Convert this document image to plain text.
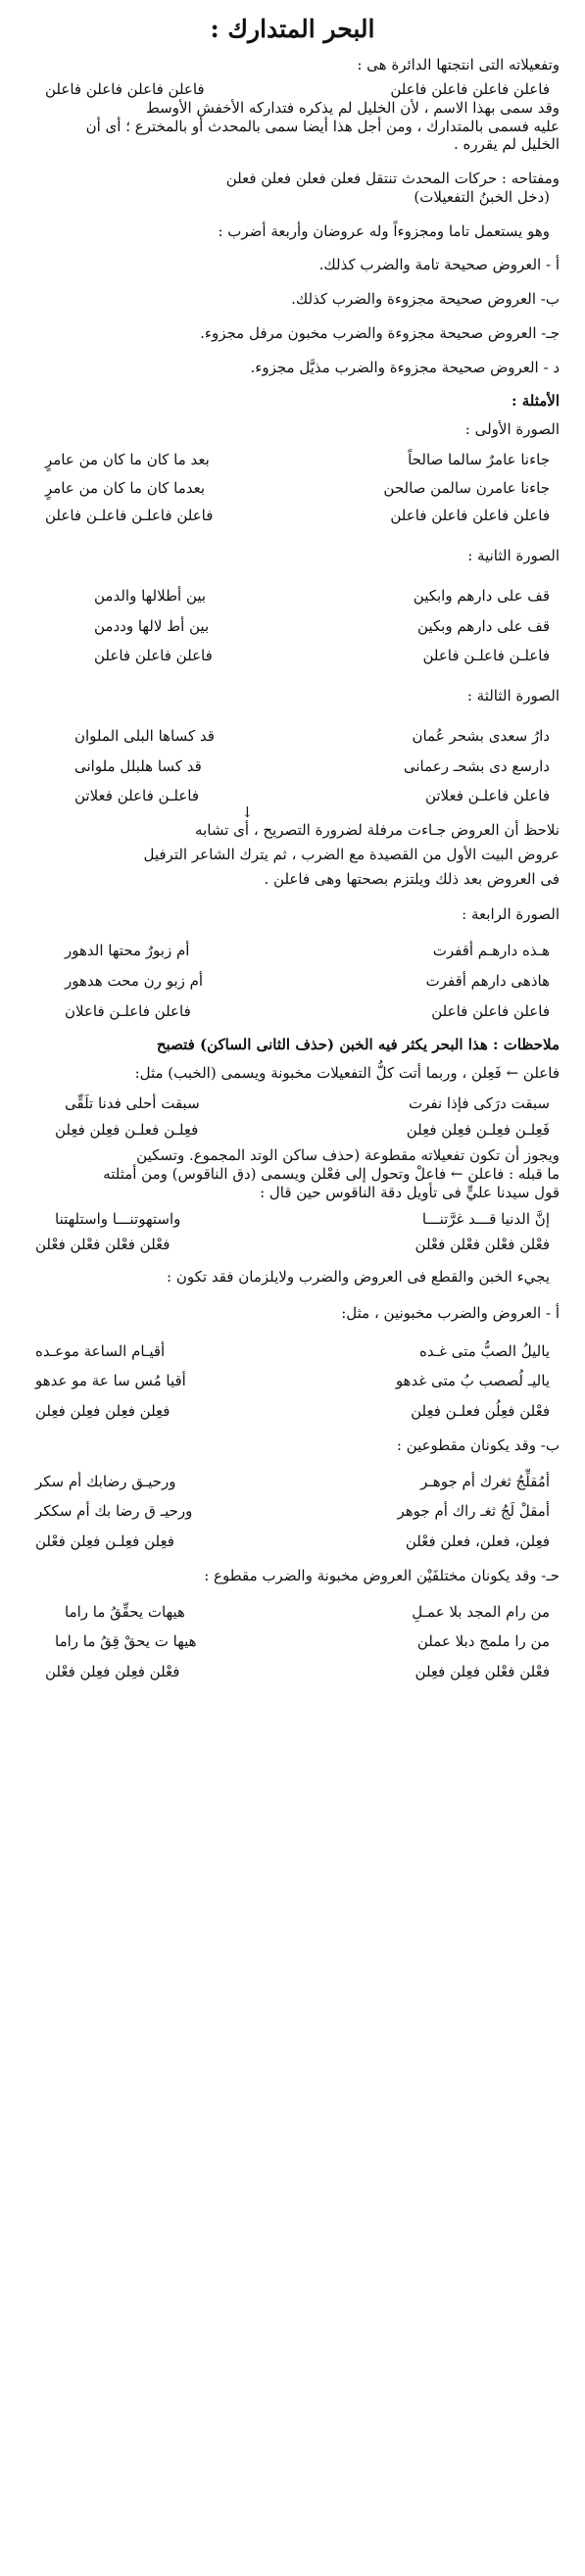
البحر المتدارك :

وتفعيلاته التى انتجتها الدائرة هى :

فاعلن فاعلن فاعلن فاعلن
فاعلن فاعلن فاعلن فاعلن

وقد سمى بهذا الاسم ، لأن الخليل لم يذكره فتداركه الأخفش الأوسط

عليه فسمى بالمتدارك ، ومن أجل هذا أيضا سمى بالمحدث أو بالمخترع ؛ أى أن

الخليل لم يقرره .

ومفتاحه : حركات المحدث تنتقل فعلن فعلن فعلن فعلن

(دخل الخبنُ التفعيلات)

وهو يستعمل تاما ومجزوءاً وله عروضان وأربعة أضرب :

أ - العروض صحيحة تامة والضرب كذلك.

ب- العروض صحيحة مجزوءة والضرب كذلك.

جـ- العروض صحيحة مجزوءة والضرب مخبون مرفل مجزوء.

د - العروض صحيحة مجزوءة والضرب مذيَّل مجزوء.

الأمثلة :

الصورة الأولى :

جاءنا عامرٌ سالما صالحاً
بعد ما كان ما كان من عامرٍ
جاءنا عامرن سالمن صالحن
بعدما كان ما كان من عامرٍ
فاعلن فاعلن فاعلن فاعلن
فاعلن فاعلـن فاعلـن فاعلن

الصورة الثانية :

قف على دارهم وابكين
بين أطلالها والدمن
قف على دارهم وبكين
بين أط لالها وددمن
فاعلـن فاعلـن فاعلن
فاعلن فاعلن فاعلن

الصورة الثالثة :

دارُ سعدى بشحر عُمان
قد كساها البلى الملوان
دارسع دى بشحـ رعمانى
قد كسا هلبلل ملوانى
فاعلن فاعلـن فعلاتن
فاعلـن فاعلن فعلاتن
↓

نلاحظ أن العروض جـاءت مرفلة لضرورة التصريح ، أى تشابه

عروض البيت الأول من القصيدة مع الضرب ، ثم يترك الشاعر الترفيل

فى العروض بعد ذلك ويلتزم بصحتها وهى فاعلن .

الصورة الرابعة :

هـذه دارهـم أقفرت
أم زبورٌ محتها الدهور
هاذهى دارهم أقفرت
أم زبو رن محت هدهور
فاعلن فاعلن فاعلن
فاعلن فاعلـن فاعلان

ملاحظات : هذا البحر يكثر فيه الخبن (حذف الثانى الساكن) فتصبح

فاعلن ← فَعِلن ، وربما أتت كلُّ التفعيلات مخبونة ويسمى (الخبب) مثل:

سبقت درَكى فإذا نفرت
سبقت أحلى فدنا تلَقِّى
فَعِلـن فعِلـن فعِلن فعِلن
فعِلـن فعلـن فعِلن فعِلن

ويجوز أن تكون تفعيلاته مقطوعة (حذف ساكن الوتد المجموع. وتسكين

ما قبله : فاعلن ← فاعلْ وتحول إلى فعْلن ويسمى (دق الناقوس) ومن أمثلته

قول سيدنا عليٍّ فى تأويل دقة الناقوس حين قال :

إنَّ الدنيا قـــد غرَّتنـــا
واستهوتنـــا واستلهتنا
فعْلن فعْلن فعْلن فعْلن
فعْلن فعْلن فعْلن فعْلن

يجيء الخبن والقطع فى العروض والضرب ولايلزمان فقد تكون :

أ - العروض والضرب مخبونين ، مثل:

ياليلُ الصبُّ متى غـده
أقيـام الساعة موعـده
ياليـ لُصصب بُ متى غدهو
أقيا مُس سا عة مو عدهو
فعْلن فعِلُن فعلـن فعِلن
فعِلن فعِلن فعِلن فعِلن

ب- وقد يكونان مقطوعين :

أمُقلِّجُ ثغرك أم جوهـر
ورحيـق رضابك أم سكر
أمقلْ لَجُ ثغـ راك أم جوهر
ورحيـ ق رضا بك أم سككر
فعِلن، فعلن، فعلن فعْلن
فعِلن فعِلـن فعِلن فعْلن

حـ- وقد يكونان مختلفَيْن العروض مخبونة والضرب مقطوع :

من رام المجد بلا عمـلِ
هيهات يحقِّقُ ما راما
من را ملمج دبلا عملن
هيها ت يحقْ قِقُ ما راما
فعْلن فعْلن فعِلن فعِلن
فعْلن فعِلن فعِلن فعْلن
